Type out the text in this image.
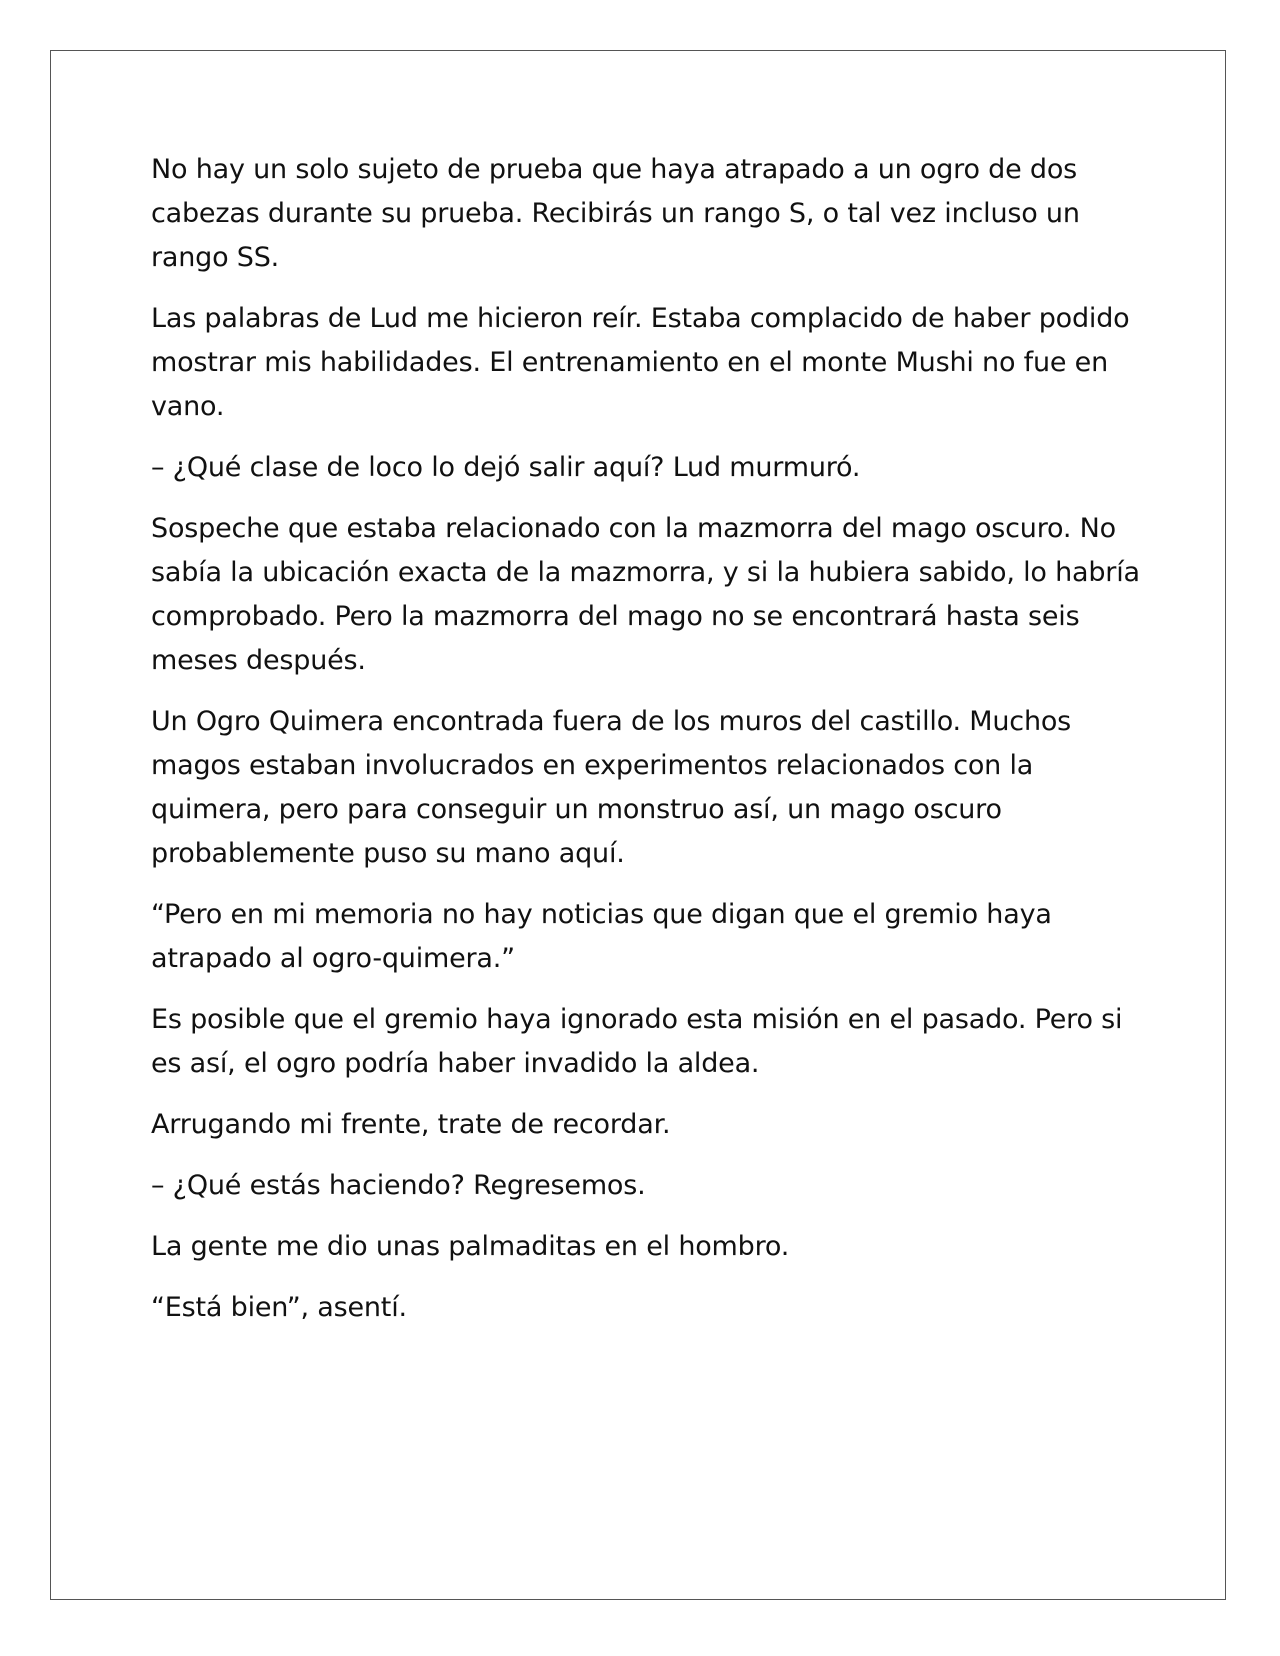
No hay un solo sujeto de prueba que haya atrapado a un ogro de dos cabezas durante su prueba. Recibirás un rango S, o tal vez incluso un rango SS.

Las palabras de Lud me hicieron reír. Estaba complacido de haber podido mostrar mis habilidades. El entrenamiento en el monte Mushi no fue en vano.

– ¿Qué clase de loco lo dejó salir aquí? Lud murmuró.

Sospeche que estaba relacionado con la mazmorra del mago oscuro. No sabía la ubicación exacta de la mazmorra, y si la hubiera sabido, lo habría comprobado. Pero la mazmorra del mago no se encontrará hasta seis meses después.

Un Ogro Quimera encontrada fuera de los muros del castillo. Muchos magos estaban involucrados en experimentos relacionados con la quimera, pero para conseguir un monstruo así, un mago oscuro probablemente puso su mano aquí.

“Pero en mi memoria no hay noticias que digan que el gremio haya atrapado al ogro-quimera.”

Es posible que el gremio haya ignorado esta misión en el pasado. Pero si es así, el ogro podría haber invadido la aldea.

Arrugando mi frente, trate de recordar.

– ¿Qué estás haciendo? Regresemos.

La gente me dio unas palmaditas en el hombro.

“Está bien”, asentí.
